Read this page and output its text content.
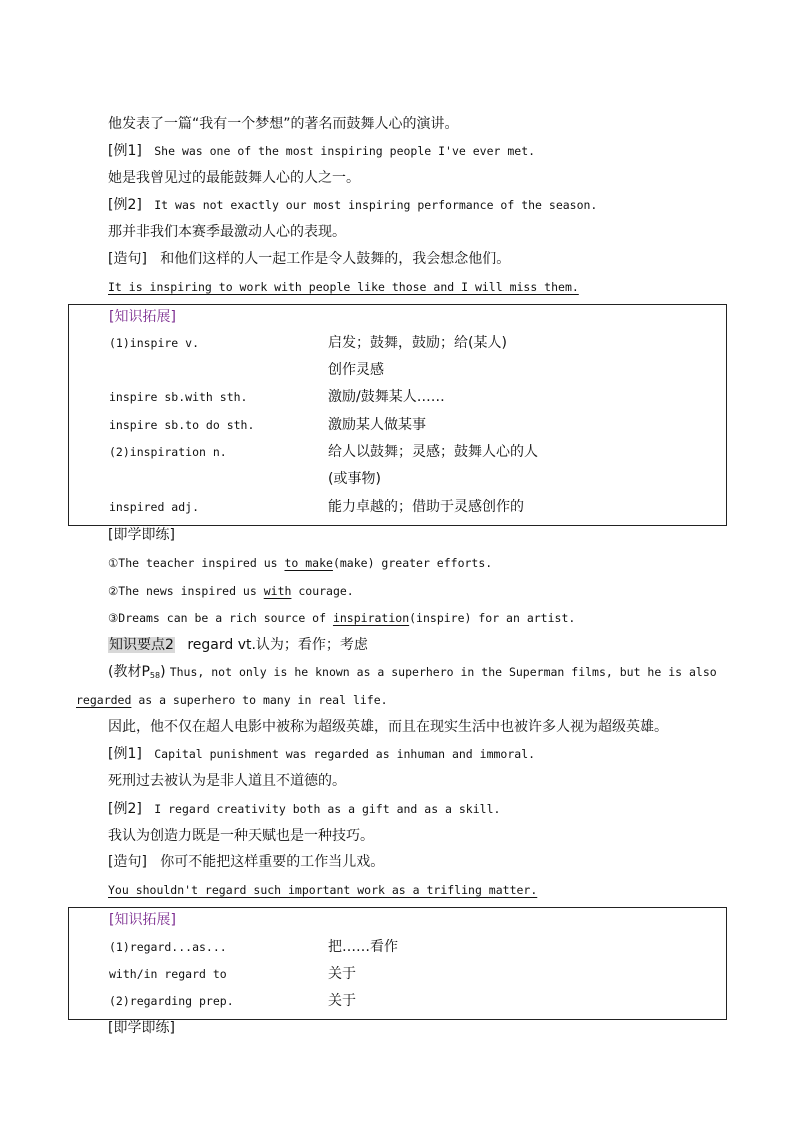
他发表了一篇“我有一个梦想”的著名而鼓舞人心的演讲。
[例1] She was one of the most inspiring people I've ever met.
她是我曾见过的最能鼓舞人心的人之一。
[例2] It was not exactly our most inspiring performance of the season.
那并非我们本赛季最激动人心的表现。
[造句] 和他们这样的人一起工作是令人鼓舞的，我会想念他们。
It is inspiring to work with people like those and I will miss them.
[知识拓展]
(1)inspire v.	启发；鼓舞，鼓励；给(某人)
创作灵感
inspire sb.with sth.	激励/鼓舞某人……
inspire sb.to do sth.	激励某人做某事
(2)inspiration n.	给人以鼓舞；灵感；鼓舞人心的人
(或事物)
inspired adj.	能力卓越的；借助于灵感创作的
[即学即练]
①The teacher inspired us to make(make) greater efforts.
②The news inspired us with courage.
③Dreams can be a rich source of inspiration(inspire) for an artist.
知识要点2 regard vt.认为；看作；考虑
(教材$P_{58}$) Thus, not only is he known as a superhero in the Superman films, but he is also
regarded as a superhero to many in real life.
因此，他不仅在超人电影中被称为超级英雄，而且在现实生活中也被许多人视为超级英雄。
[例1] Capital punishment was regarded as inhuman and immoral.
死刑过去被认为是非人道且不道德的。
[例2] I regard creativity both as a gift and as a skill.
我认为创造力既是一种天赋也是一种技巧。
[造句] 你可不能把这样重要的工作当儿戏。
You shouldn't regard such important work as a trifling matter.
[知识拓展]
(1)regard...as...	把……看作
with/in regard to	关于
(2)regarding prep.	关于
[即学即练]
